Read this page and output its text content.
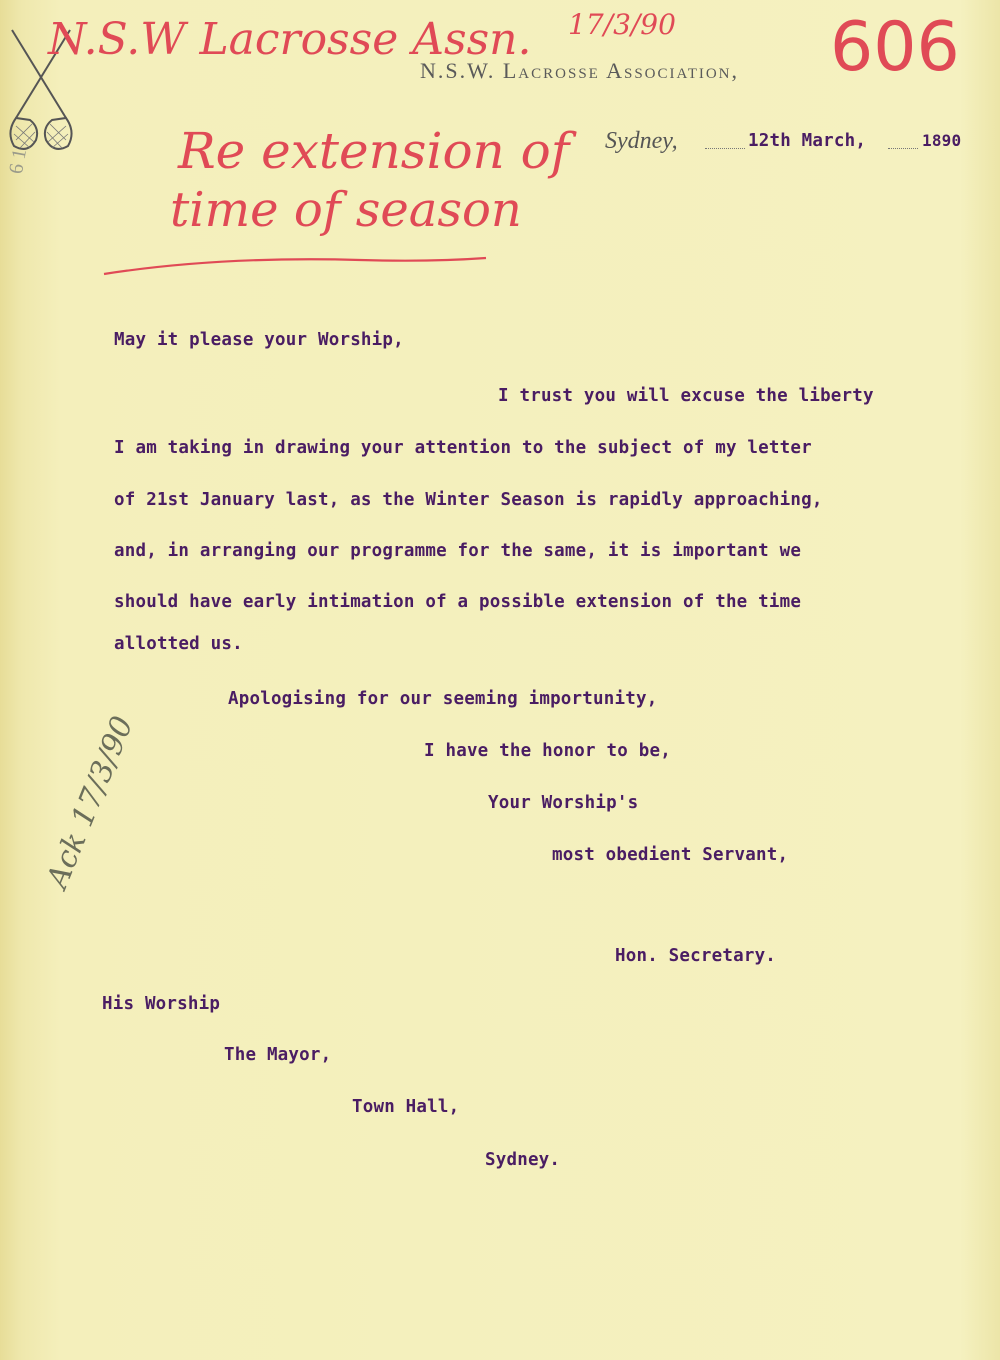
6 1

N.S.W. Lacrosse Association,

Sydney,	12th March,	1890

N.S.W Lacrosse Assn. 17/3/90 606

Re extension of

time of season

Ack 17/3/90

May it please your Worship,

I trust you will excuse the liberty

I am taking in drawing your attention to the subject of my letter

of 21st January last, as the Winter Season is rapidly approaching,

and, in arranging our programme for the same, it is important we

should have early intimation of a possible extension of the time

allotted us.

Apologising for our seeming importunity,

I have the honor to be,

Your Worship's

most obedient Servant,

Hon. Secretary.

His Worship

The Mayor,

Town Hall,

Sydney.
